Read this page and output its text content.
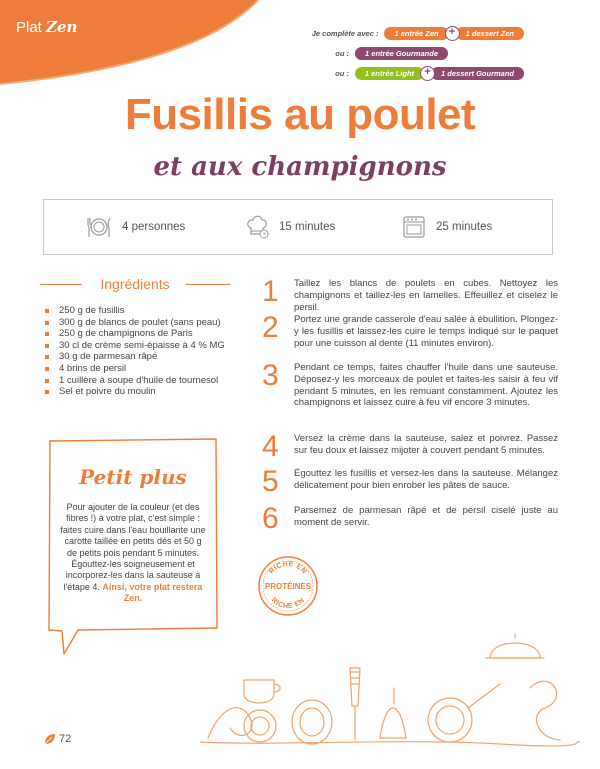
Plat Zen	Je complète avec :	1 entrée Zen +	1 dessert Zen
ou :	1 entrée Gourmande
ou :	1 entrée Light +	1 dessert Gourmand
Fusillis au poulet
et aux champignons
4 personnes	15 minutes	25 minutes
Ingrédients
250 g de fusillis
300 g de blancs de poulet (sans peau)
250 g de champignons de Paris
30 cl de crème semi-épaisse à 4 % MG
30 g de parmesan râpé
4 brins de persil
1 cuillère à soupe d'huile de tournesol
Sel et poivre du moulin
Petit plus
Pour ajouter de la couleur (et des fibres !) à votre plat, c'est simple : faites cuire dans l'eau bouillante une carotte taillée en petits dés et 50 g de petits pois pendant 5 minutes. Égouttez-les soigneusement et incorporez-les dans la sauteuse à l'étape 4. Ainsi, votre plat restera Zen.
1	Taillez les blancs de poulets en cubes. Nettoyez les champignons et taillez-les en lamelles. Effeuillez et ciselez le persil.
2	Portez une grande casserole d'eau salée à ébullition. Plongez-y les fusillis et laissez-les cuire le temps indiqué sur le paquet pour une cuisson al dente (11 minutes environ).
3	Pendant ce temps, faites chauffer l'huile dans une sauteuse. Déposez-y les morceaux de poulet et faites-les saisir à feu vif pendant 5 minutes, en les remuant constamment. Ajoutez les champignons et laissez cuire à feu vif encore 3 minutes.
4	Versez la crème dans la sauteuse, salez et poivrez. Passez sur feu doux et laissez mijoter à couvert pendant 5 minutes.
5	Égouttez les fusillis et versez-les dans la sauteuse. Mélangez délicatement pour bien enrober les pâtes de sauce.
6	Parsemez de parmesan râpé et de persil ciselé juste au moment de servir.
RICHE EN
PROTÉINES
RICHE EN
72
